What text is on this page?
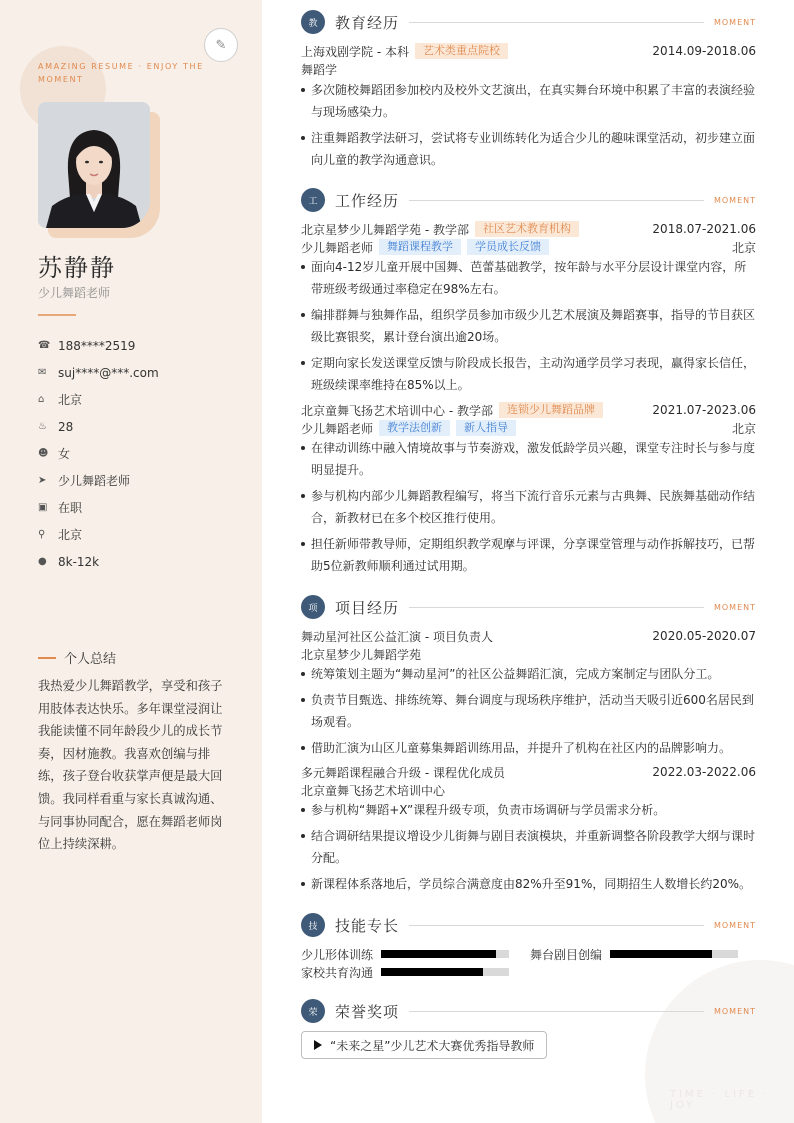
✎
AMAZING RESUME · ENJOY THE MOMENT
苏静静
少儿舞蹈老师
☎ 188****2519
✉ suj****@***.com
⌂	北京
♨ 28
☻ 女
➤ 少儿舞蹈老师
▣ 在职
⚲	北京
● 8k-12k
个人总结

我热爱少儿舞蹈教学，享受和孩子用肢体表达快乐。多年课堂浸润让我能读懂不同年龄段少儿的成长节奏，因材施教。我喜欢创编与排练，孩子登台收获掌声便是最大回馈。我同样看重与家长真诚沟通、与同事协同配合，愿在舞蹈老师岗位上持续深耕。

TIME · LIFE · JOY
教	教育经历	MOMENT
上海戏剧学院 - 本科	艺术类重点院校	2014.09-2018.06
舞蹈学
多次随校舞蹈团参加校内及校外文艺演出，在真实舞台环境中积累了丰富的表演经验与现场感染力。
注重舞蹈教学法研习，尝试将专业训练转化为适合少儿的趣味课堂活动，初步建立面向儿童的教学沟通意识。
工	工作经历	MOMENT
北京星梦少儿舞蹈学苑 - 教学部	社区艺术教育机构	2018.07-2021.06
少儿舞蹈老师	舞蹈课程教学	学员成长反馈	北京
面向4-12岁儿童开展中国舞、芭蕾基础教学，按年龄与水平分层设计课堂内容，所带班级考级通过率稳定在98%左右。
编排群舞与独舞作品，组织学员参加市级少儿艺术展演及舞蹈赛事，指导的节目获区级比赛银奖，累计登台演出逾20场。
定期向家长发送课堂反馈与阶段成长报告，主动沟通学员学习表现，赢得家长信任，班级续课率维持在85%以上。
北京童舞飞扬艺术培训中心 - 教学部	连锁少儿舞蹈品牌	2021.07-2023.06
少儿舞蹈老师	教学法创新	新人指导	北京
在律动训练中融入情境故事与节奏游戏，激发低龄学员兴趣，课堂专注时长与参与度明显提升。
参与机构内部少儿舞蹈教程编写，将当下流行音乐元素与古典舞、民族舞基础动作结合，新教材已在多个校区推行使用。
担任新师带教导师，定期组织教学观摩与评课，分享课堂管理与动作拆解技巧，已帮助5位新教师顺利通过试用期。
项	项目经历	MOMENT
舞动星河社区公益汇演 - 项目负责人	2020.05-2020.07
北京星梦少儿舞蹈学苑
统筹策划主题为“舞动星河”的社区公益舞蹈汇演，完成方案制定与团队分工。
负责节目甄选、排练统筹、舞台调度与现场秩序维护，活动当天吸引近600名居民到场观看。
借助汇演为山区儿童募集舞蹈训练用品，并提升了机构在社区内的品牌影响力。
多元舞蹈课程融合升级 - 课程优化成员	2022.03-2022.06
北京童舞飞扬艺术培训中心
参与机构“舞蹈+X”课程升级专项，负责市场调研与学员需求分析。
结合调研结果提议增设少儿街舞与剧目表演模块，并重新调整各阶段教学大纲与课时分配。
新课程体系落地后，学员综合满意度由82%升至91%，同期招生人数增长约20%。
技	技能专长	MOMENT
少儿形体训练	舞台剧目创编
家校共育沟通
荣	荣誉奖项	MOMENT
“未来之星”少儿艺术大赛优秀指导教师
